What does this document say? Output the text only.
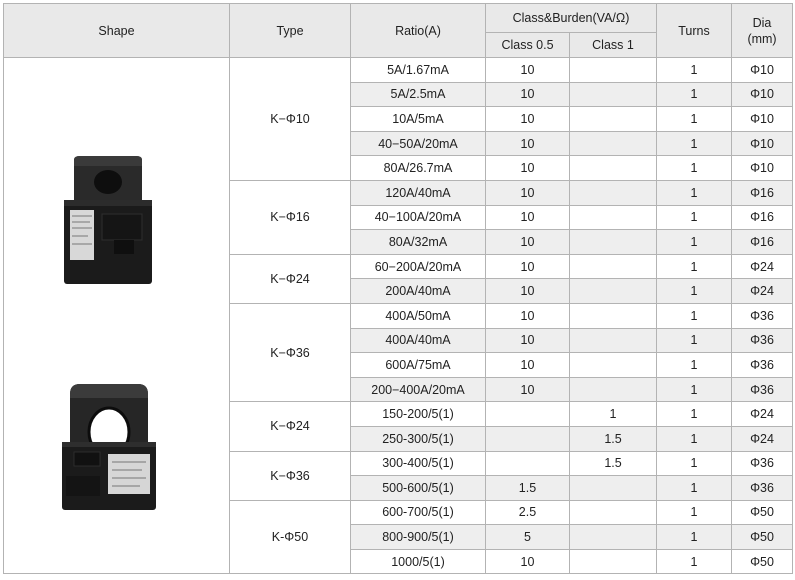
Shape	Type	Ratio(A)	Class&Burden(VA/Ω)		Turns	Dia
(mm)
			Class 0.5	Class 1		

	K−Φ10	5A/1.67mA	10		1	Φ10
		5A/2.5mA	10		1	Φ10
		10A/5mA	10		1	Φ10
		40−50A/20mA	10		1	Φ10
		80A/26.7mA	10		1	Φ10
	K−Φ16	120A/40mA	10		1	Φ16
		40−100A/20mA	10		1	Φ16
		80A/32mA	10		1	Φ16
	K−Φ24	60−200A/20mA	10		1	Φ24
		200A/40mA	10		1	Φ24
	K−Φ36	400A/50mA	10		1	Φ36
		400A/40mA	10		1	Φ36
		600A/75mA	10		1	Φ36
		200−400A/20mA	10		1	Φ36
	K−Φ24	150-200/5(1)		1	1	Φ24
		250-300/5(1)		1.5	1	Φ24
	K−Φ36	300-400/5(1)		1.5	1	Φ36
		500-600/5(1)	1.5		1	Φ36
	K-Φ50	600-700/5(1)	2.5		1	Φ50
		800-900/5(1)	5		1	Φ50
		1000/5(1)	10		1	Φ50
